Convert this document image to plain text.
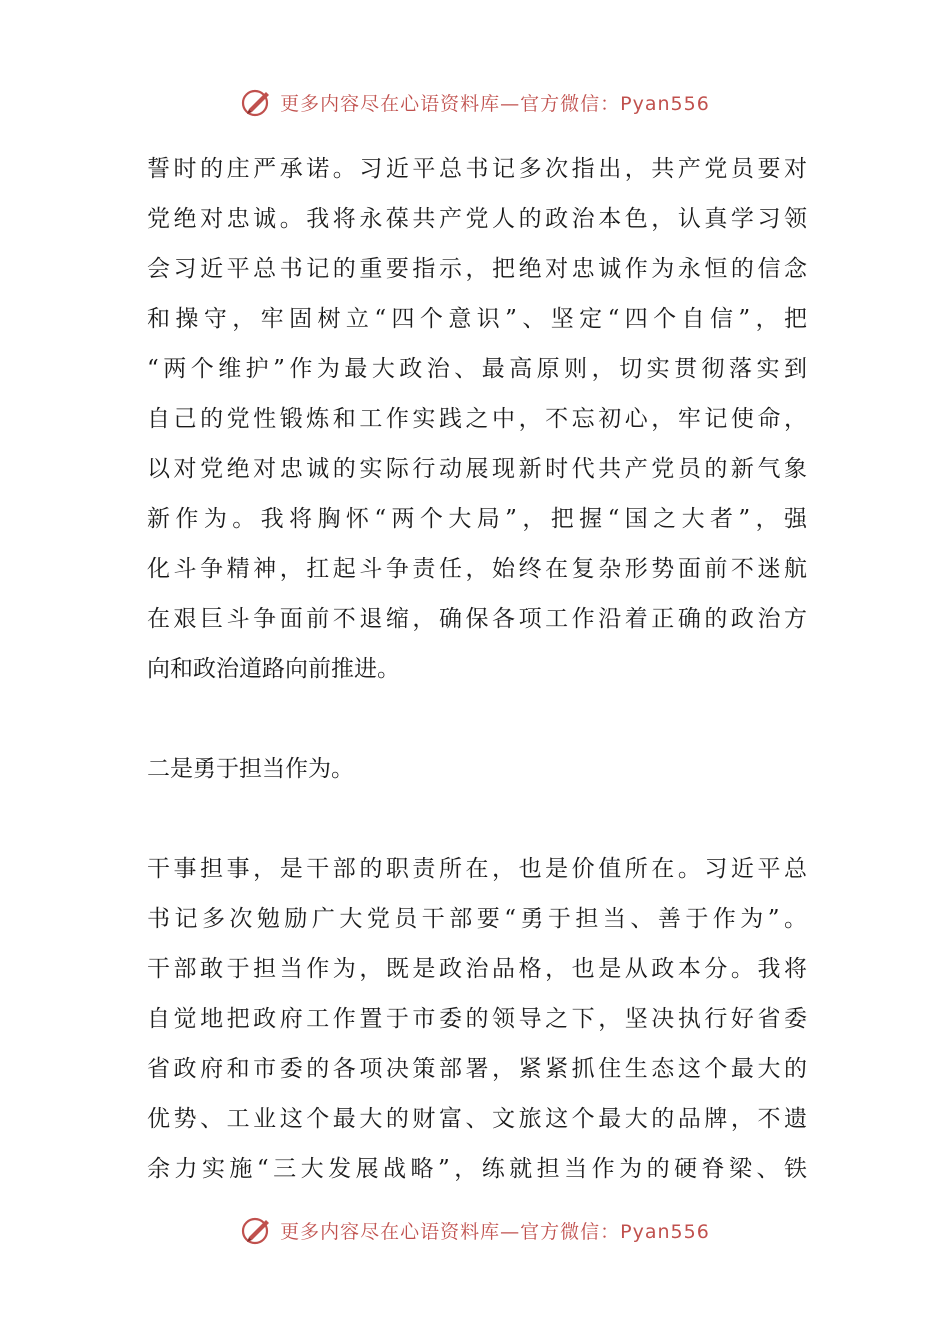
更多内容尽在心语资料库—官方微信：Pyan556
誓时的庄严承诺。习近平总书记多次指出，共产党员要对
党绝对忠诚。我将永葆共产党人的政治本色，认真学习领
会习近平总书记的重要指示，把绝对忠诚作为永恒的信念
和操守，牢固树立“四个意识”、坚定“四个自信”，把
“两个维护”作为最大政治、最高原则，切实贯彻落实到
自己的党性锻炼和工作实践之中，不忘初心，牢记使命，
以对党绝对忠诚的实际行动展现新时代共产党员的新气象
新作为。我将胸怀“两个大局”，把握“国之大者”，强
化斗争精神，扛起斗争责任，始终在复杂形势面前不迷航
在艰巨斗争面前不退缩，确保各项工作沿着正确的政治方
向和政治道路向前推进。
二是勇于担当作为。
干事担事，是干部的职责所在，也是价值所在。习近平总
书记多次勉励广大党员干部要“勇于担当、善于作为”。
干部敢于担当作为，既是政治品格，也是从政本分。我将
自觉地把政府工作置于市委的领导之下，坚决执行好省委
省政府和市委的各项决策部署，紧紧抓住生态这个最大的
优势、工业这个最大的财富、文旅这个最大的品牌，不遗
余力实施“三大发展战略”，练就担当作为的硬脊梁、铁
更多内容尽在心语资料库—官方微信：Pyan556
